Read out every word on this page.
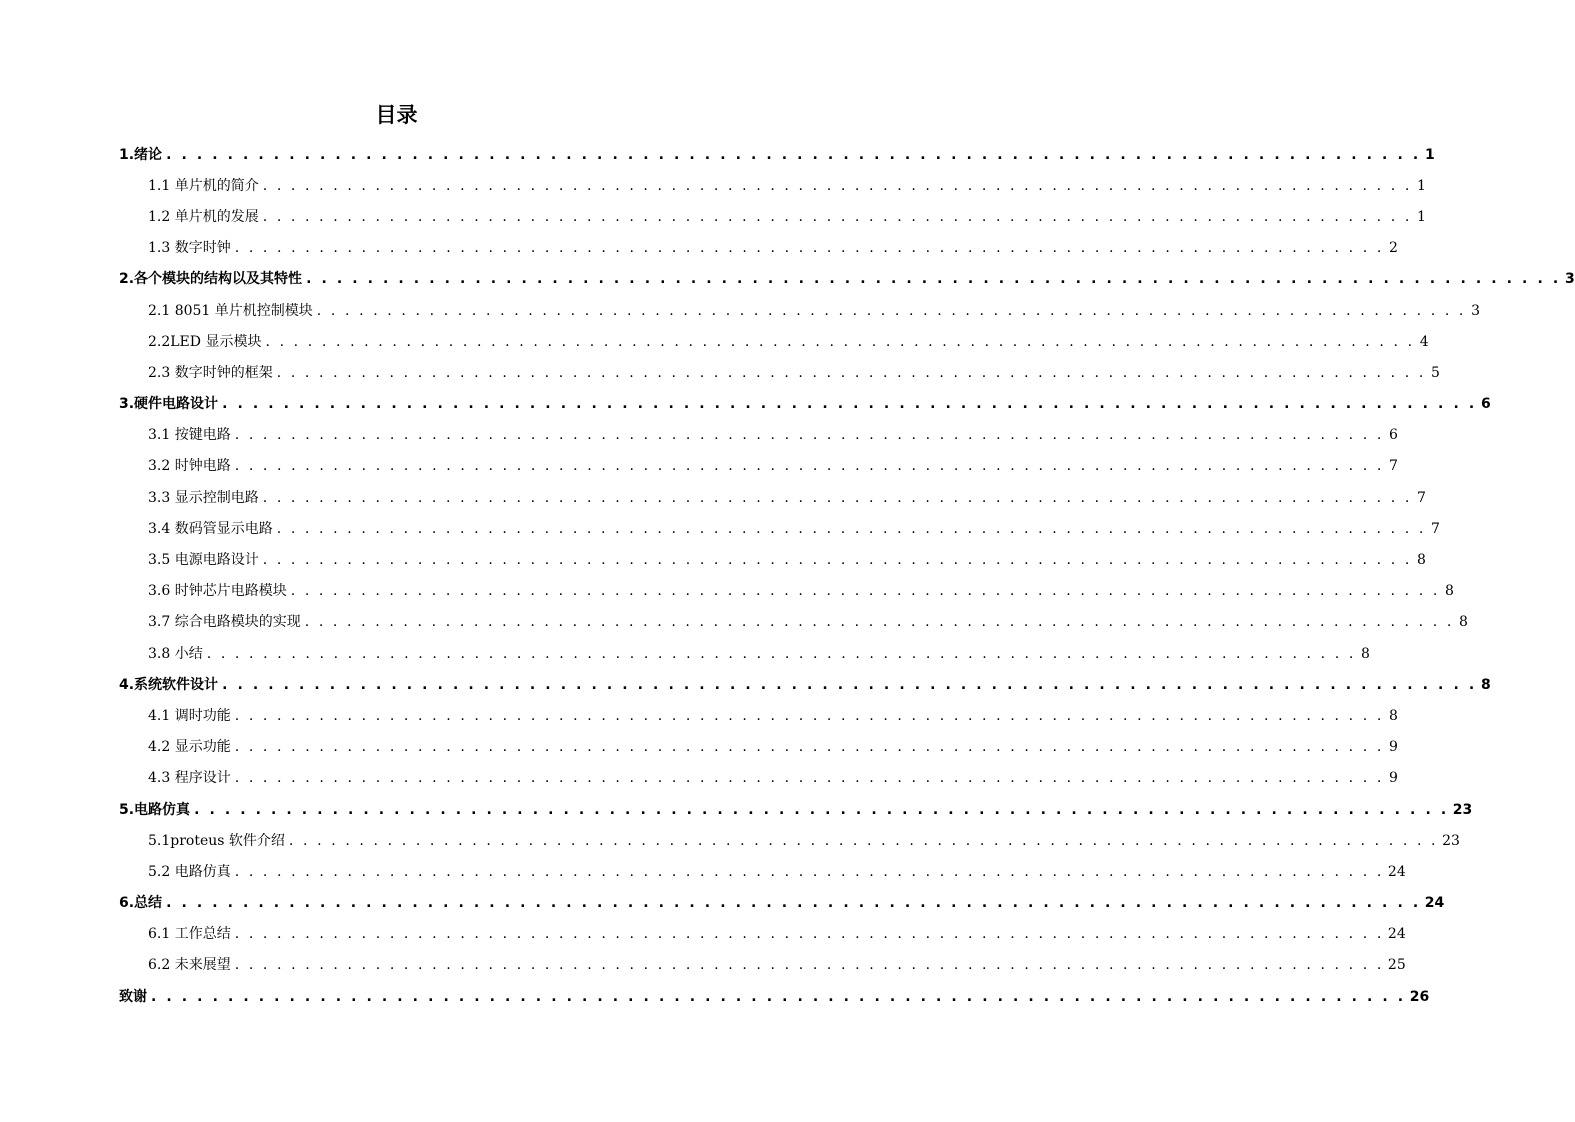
目录
1.绪论 . . . . . . . . . . . . . . . . . . . . . . . . . . . . . . . . . . . . . . . . . . . . . . . . . . . . . . . . . . . . . . . . . . . . . . . . . . . . . . . . . . 1
1.1 单片机的简介 . . . . . . . . . . . . . . . . . . . . . . . . . . . . . . . . . . . . . . . . . . . . . . . . . . . . . . . . . . . . . . . . . . . . . . . . . . . . . . . . . . 1
1.2 单片机的发展 . . . . . . . . . . . . . . . . . . . . . . . . . . . . . . . . . . . . . . . . . . . . . . . . . . . . . . . . . . . . . . . . . . . . . . . . . . . . . . . . . . 1
1.3 数字时钟 . . . . . . . . . . . . . . . . . . . . . . . . . . . . . . . . . . . . . . . . . . . . . . . . . . . . . . . . . . . . . . . . . . . . . . . . . . . . . . . . . . 2
2.各个模块的结构以及其特性 . . . . . . . . . . . . . . . . . . . . . . . . . . . . . . . . . . . . . . . . . . . . . . . . . . . . . . . . . . . . . . . . . . . . . . . . . . . . . . . . . . 3
2.1 8051 单片机控制模块 . . . . . . . . . . . . . . . . . . . . . . . . . . . . . . . . . . . . . . . . . . . . . . . . . . . . . . . . . . . . . . . . . . . . . . . . . . . . . . . . . . 3
2.2LED 显示模块 . . . . . . . . . . . . . . . . . . . . . . . . . . . . . . . . . . . . . . . . . . . . . . . . . . . . . . . . . . . . . . . . . . . . . . . . . . . . . . . . . . 4
2.3 数字时钟的框架 . . . . . . . . . . . . . . . . . . . . . . . . . . . . . . . . . . . . . . . . . . . . . . . . . . . . . . . . . . . . . . . . . . . . . . . . . . . . . . . . . . 5
3.硬件电路设计 . . . . . . . . . . . . . . . . . . . . . . . . . . . . . . . . . . . . . . . . . . . . . . . . . . . . . . . . . . . . . . . . . . . . . . . . . . . . . . . . . . 6
3.1 按键电路 . . . . . . . . . . . . . . . . . . . . . . . . . . . . . . . . . . . . . . . . . . . . . . . . . . . . . . . . . . . . . . . . . . . . . . . . . . . . . . . . . . 6
3.2 时钟电路 . . . . . . . . . . . . . . . . . . . . . . . . . . . . . . . . . . . . . . . . . . . . . . . . . . . . . . . . . . . . . . . . . . . . . . . . . . . . . . . . . . 7
3.3 显示控制电路 . . . . . . . . . . . . . . . . . . . . . . . . . . . . . . . . . . . . . . . . . . . . . . . . . . . . . . . . . . . . . . . . . . . . . . . . . . . . . . . . . . 7
3.4 数码管显示电路 . . . . . . . . . . . . . . . . . . . . . . . . . . . . . . . . . . . . . . . . . . . . . . . . . . . . . . . . . . . . . . . . . . . . . . . . . . . . . . . . . . 7
3.5 电源电路设计 . . . . . . . . . . . . . . . . . . . . . . . . . . . . . . . . . . . . . . . . . . . . . . . . . . . . . . . . . . . . . . . . . . . . . . . . . . . . . . . . . . 8
3.6 时钟芯片电路模块 . . . . . . . . . . . . . . . . . . . . . . . . . . . . . . . . . . . . . . . . . . . . . . . . . . . . . . . . . . . . . . . . . . . . . . . . . . . . . . . . . . 8
3.7 综合电路模块的实现 . . . . . . . . . . . . . . . . . . . . . . . . . . . . . . . . . . . . . . . . . . . . . . . . . . . . . . . . . . . . . . . . . . . . . . . . . . . . . . . . . . 8
3.8 小结 . . . . . . . . . . . . . . . . . . . . . . . . . . . . . . . . . . . . . . . . . . . . . . . . . . . . . . . . . . . . . . . . . . . . . . . . . . . . . . . . . . 8
4.系统软件设计 . . . . . . . . . . . . . . . . . . . . . . . . . . . . . . . . . . . . . . . . . . . . . . . . . . . . . . . . . . . . . . . . . . . . . . . . . . . . . . . . . . 8
4.1 调时功能 . . . . . . . . . . . . . . . . . . . . . . . . . . . . . . . . . . . . . . . . . . . . . . . . . . . . . . . . . . . . . . . . . . . . . . . . . . . . . . . . . . 8
4.2 显示功能 . . . . . . . . . . . . . . . . . . . . . . . . . . . . . . . . . . . . . . . . . . . . . . . . . . . . . . . . . . . . . . . . . . . . . . . . . . . . . . . . . . 9
4.3 程序设计 . . . . . . . . . . . . . . . . . . . . . . . . . . . . . . . . . . . . . . . . . . . . . . . . . . . . . . . . . . . . . . . . . . . . . . . . . . . . . . . . . . 9
5.电路仿真 . . . . . . . . . . . . . . . . . . . . . . . . . . . . . . . . . . . . . . . . . . . . . . . . . . . . . . . . . . . . . . . . . . . . . . . . . . . . . . . . . . 23
5.1proteus 软件介绍 . . . . . . . . . . . . . . . . . . . . . . . . . . . . . . . . . . . . . . . . . . . . . . . . . . . . . . . . . . . . . . . . . . . . . . . . . . . . . . . . . . 23
5.2 电路仿真 . . . . . . . . . . . . . . . . . . . . . . . . . . . . . . . . . . . . . . . . . . . . . . . . . . . . . . . . . . . . . . . . . . . . . . . . . . . . . . . . . . 24
6.总结 . . . . . . . . . . . . . . . . . . . . . . . . . . . . . . . . . . . . . . . . . . . . . . . . . . . . . . . . . . . . . . . . . . . . . . . . . . . . . . . . . . 24
6.1 工作总结 . . . . . . . . . . . . . . . . . . . . . . . . . . . . . . . . . . . . . . . . . . . . . . . . . . . . . . . . . . . . . . . . . . . . . . . . . . . . . . . . . . 24
6.2 未来展望 . . . . . . . . . . . . . . . . . . . . . . . . . . . . . . . . . . . . . . . . . . . . . . . . . . . . . . . . . . . . . . . . . . . . . . . . . . . . . . . . . . 25
致谢 . . . . . . . . . . . . . . . . . . . . . . . . . . . . . . . . . . . . . . . . . . . . . . . . . . . . . . . . . . . . . . . . . . . . . . . . . . . . . . . . . . 26
